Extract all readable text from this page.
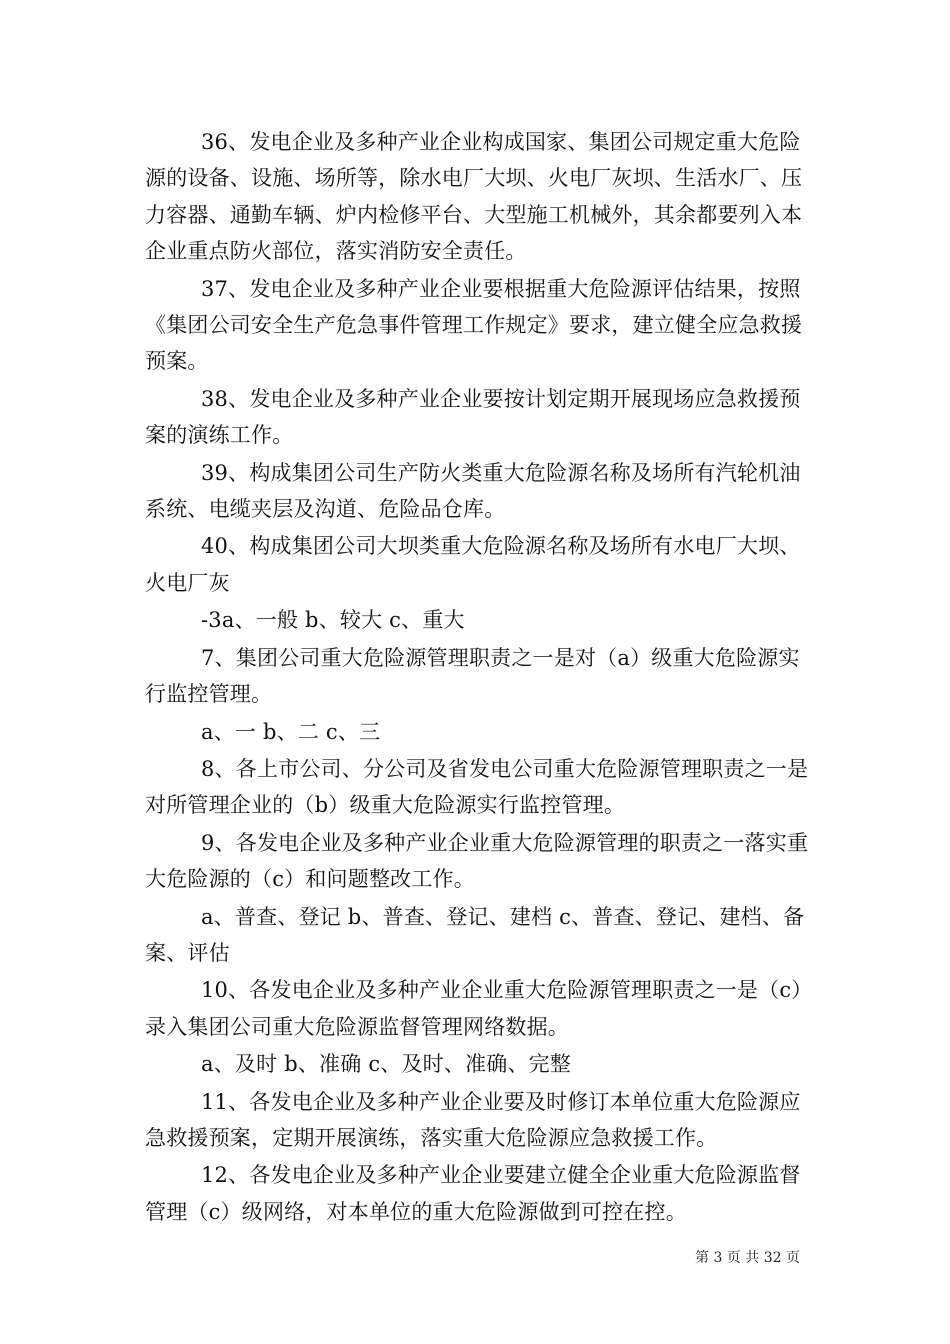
36、发电企业及多种产业企业构成国家、集团公司规定重大危险源的设备、设施、场所等，除水电厂大坝、火电厂灰坝、生活水厂、压力容器、通勤车辆、炉内检修平台、大型施工机械外，其余都要列入本企业重点防火部位，落实消防安全责任。

37、发电企业及多种产业企业要根据重大危险源评估结果，按照《集团公司安全生产危急事件管理工作规定》要求，建立健全应急救援预案。

38、发电企业及多种产业企业要按计划定期开展现场应急救援预案的演练工作。

39、构成集团公司生产防火类重大危险源名称及场所有汽轮机油系统、电缆夹层及沟道、危险品仓库。

40、构成集团公司大坝类重大危险源名称及场所有水电厂大坝、火电厂灰

-3a、一般 b、较大 c、重大

7、集团公司重大危险源管理职责之一是对（a）级重大危险源实行监控管理。

a、一 b、二 c、三

8、各上市公司、分公司及省发电公司重大危险源管理职责之一是对所管理企业的（b）级重大危险源实行监控管理。

9、各发电企业及多种产业企业重大危险源管理的职责之一落实重大危险源的（c）和问题整改工作。

a、普查、登记 b、普查、登记、建档 c、普查、登记、建档、备案、评估

10、各发电企业及多种产业企业重大危险源管理职责之一是（c）录入集团公司重大危险源监督管理网络数据。

a、及时 b、准确 c、及时、准确、完整

11、各发电企业及多种产业企业要及时修订本单位重大危险源应急救援预案，定期开展演练，落实重大危险源应急救援工作。

12、各发电企业及多种产业企业要建立健全企业重大危险源监督管理（c）级网络，对本单位的重大危险源做到可控在控。

第 3 页 共 32 页
